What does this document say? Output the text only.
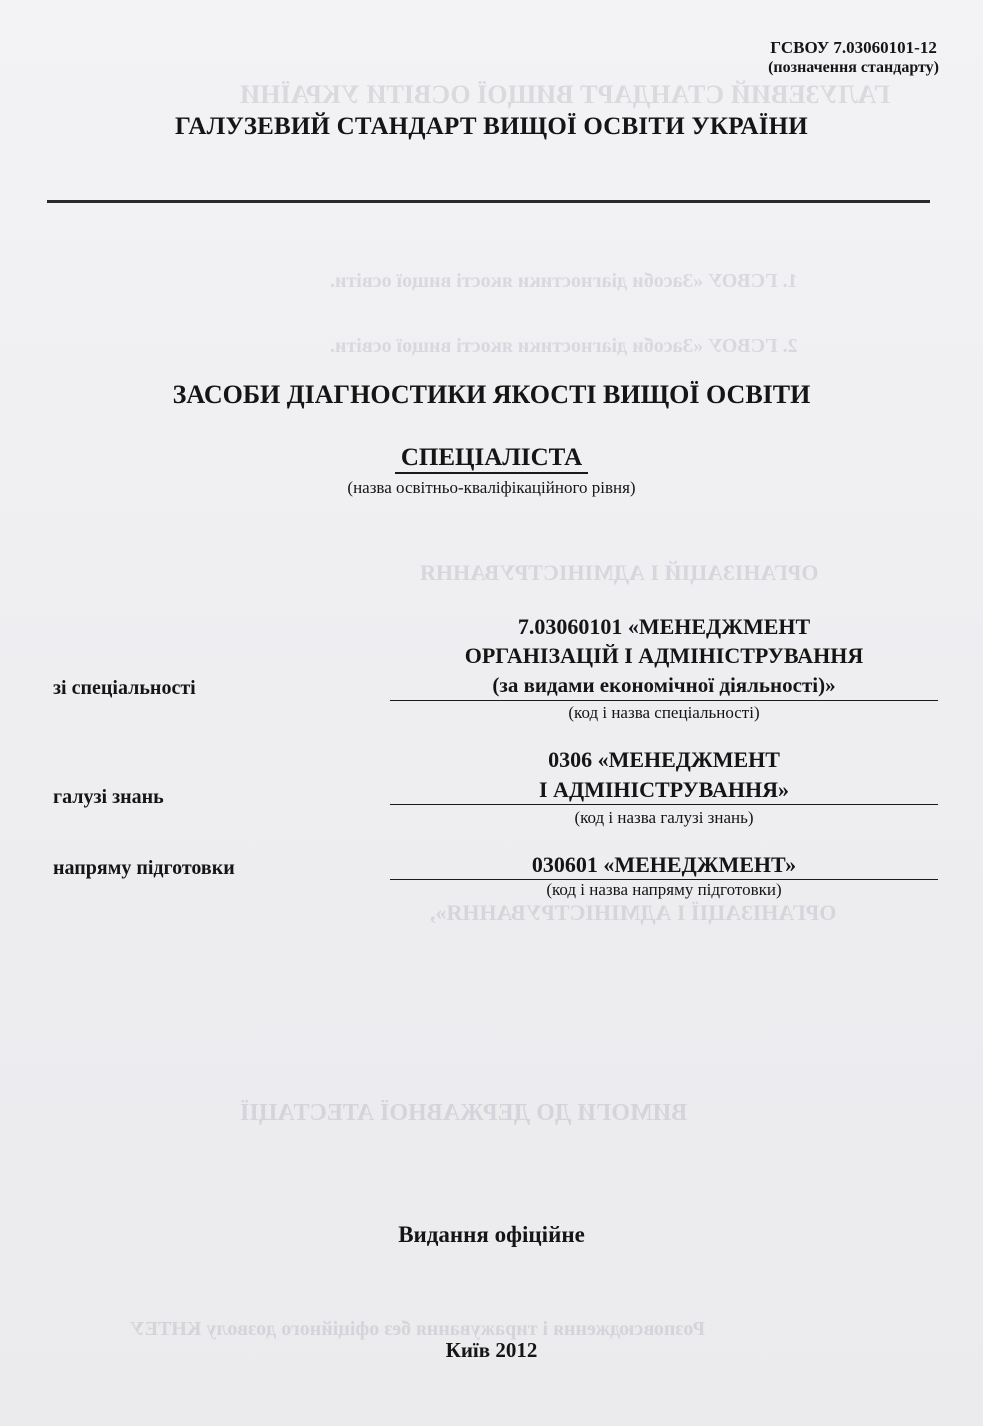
ГАЛУЗЕВИЙ СТАНДАРТ ВИЩОЇ ОСВІТИ УКРАЇНИ
1. ГСВОУ «Засоби діагностики якості вищої освіти.
2. ГСВОУ «Засоби діагностики якості вищої освіти.
ОРГАНІЗАЦІЙ І АДМІНІСТРУВАННЯ
ОРГАНІЗАЦІЇ І АДМІНІСТРУВАННЯ»,
ВИМОГИ ДО ДЕРЖАВНОЇ АТЕСТАЦІЇ
Розповсюдження і тиражування без офіційного дозволу КНТЕУ
ГСВОУ 7.03060101-12
(позначення стандарту)
ГАЛУЗЕВИЙ СТАНДАРТ ВИЩОЇ ОСВІТИ УКРАЇНИ
ЗАСОБИ ДІАГНОСТИКИ ЯКОСТІ ВИЩОЇ ОСВІТИ
СПЕЦІАЛІСТА
(назва освітньо-кваліфікаційного рівня)
зі спеціальності
7.03060101 «МЕНЕДЖМЕНТ
ОРГАНІЗАЦІЙ І АДМІНІСТРУВАННЯ
(за видами економічної діяльності)»
(код і назва спеціальності)
галузі знань
0306 «МЕНЕДЖМЕНТ
І АДМІНІСТРУВАННЯ»
(код і назва галузі знань)
напряму підготовки	030601 «МЕНЕДЖМЕНТ»
(код і назва напряму підготовки)
Видання офіційне
Київ 2012
